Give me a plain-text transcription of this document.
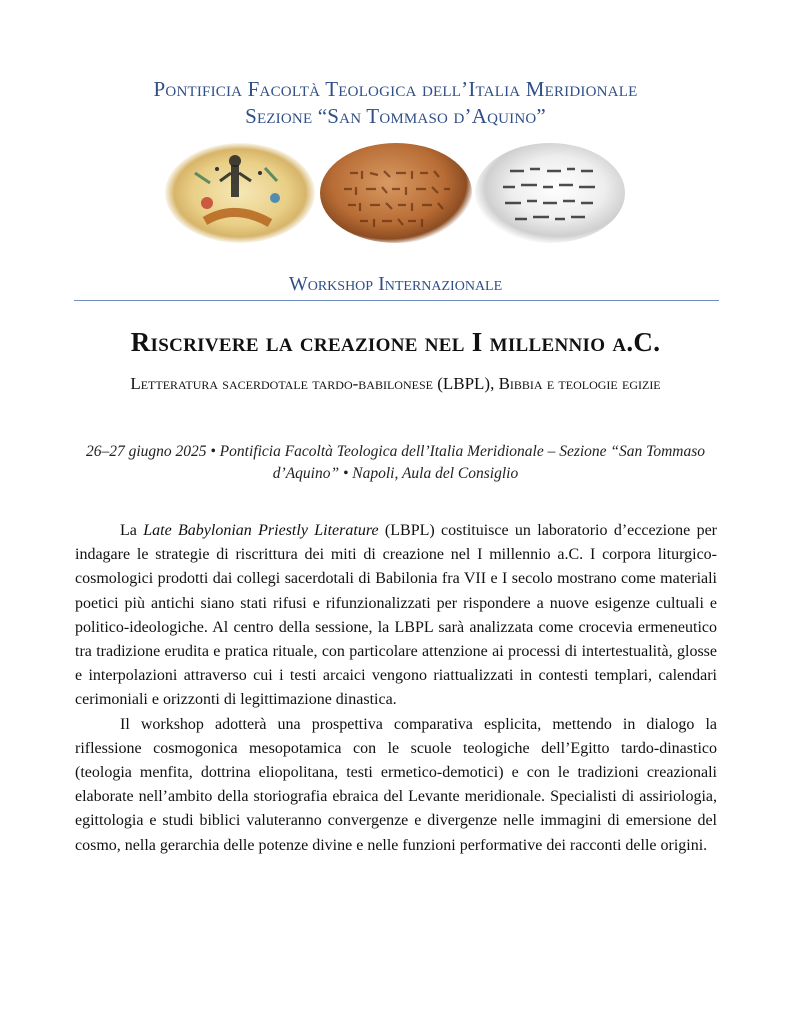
Pontificia Facoltà Teologica dell’Italia Meridionale
Sezione “San Tommaso d’Aquino”
Workshop Internazionale
Riscrivere la creazione nel I millennio a.C.
Letteratura sacerdotale tardo-babilonese (LBPL), Bibbia e teologie egizie
26–27 giugno 2025 • Pontificia Facoltà Teologica dell’Italia Meridionale – Sezione “San Tommaso d’Aquino” • Napoli, Aula del Consiglio

La Late Babylonian Priestly Literature (LBPL) costituisce un laboratorio d’eccezione per indagare le strategie di riscrittura dei miti di creazione nel I millennio a.C. I corpora liturgico-cosmologici prodotti dai collegi sacerdotali di Babilonia fra VII e I secolo mostrano come materiali poetici più antichi siano stati rifusi e rifunzionalizzati per rispondere a nuove esigenze cultuali e politico-ideologiche. Al centro della sessione, la LBPL sarà analizzata come crocevia ermeneutico tra tradizione erudita e pratica rituale, con particolare attenzione ai processi di intertestualità, glosse e interpolazioni attraverso cui i testi arcaici vengono riattualizzati in contesti templari, calendari cerimoniali e orizzonti di legittimazione dinastica.

Il workshop adotterà una prospettiva comparativa esplicita, mettendo in dialogo la riflessione cosmogonica mesopotamica con le scuole teologiche dell’Egitto tardo-dinastico (teologia menfita, dottrina eliopolitana, testi ermetico-demotici) e con le tradizioni creazionali elaborate nell’ambito della storiografia ebraica del Levante meridionale. Specialisti di assiriologia, egittologia e studi biblici valuteranno convergenze e divergenze nelle immagini di emersione del cosmo, nella gerarchia delle potenze divine e nelle funzioni performative dei racconti delle origini.
